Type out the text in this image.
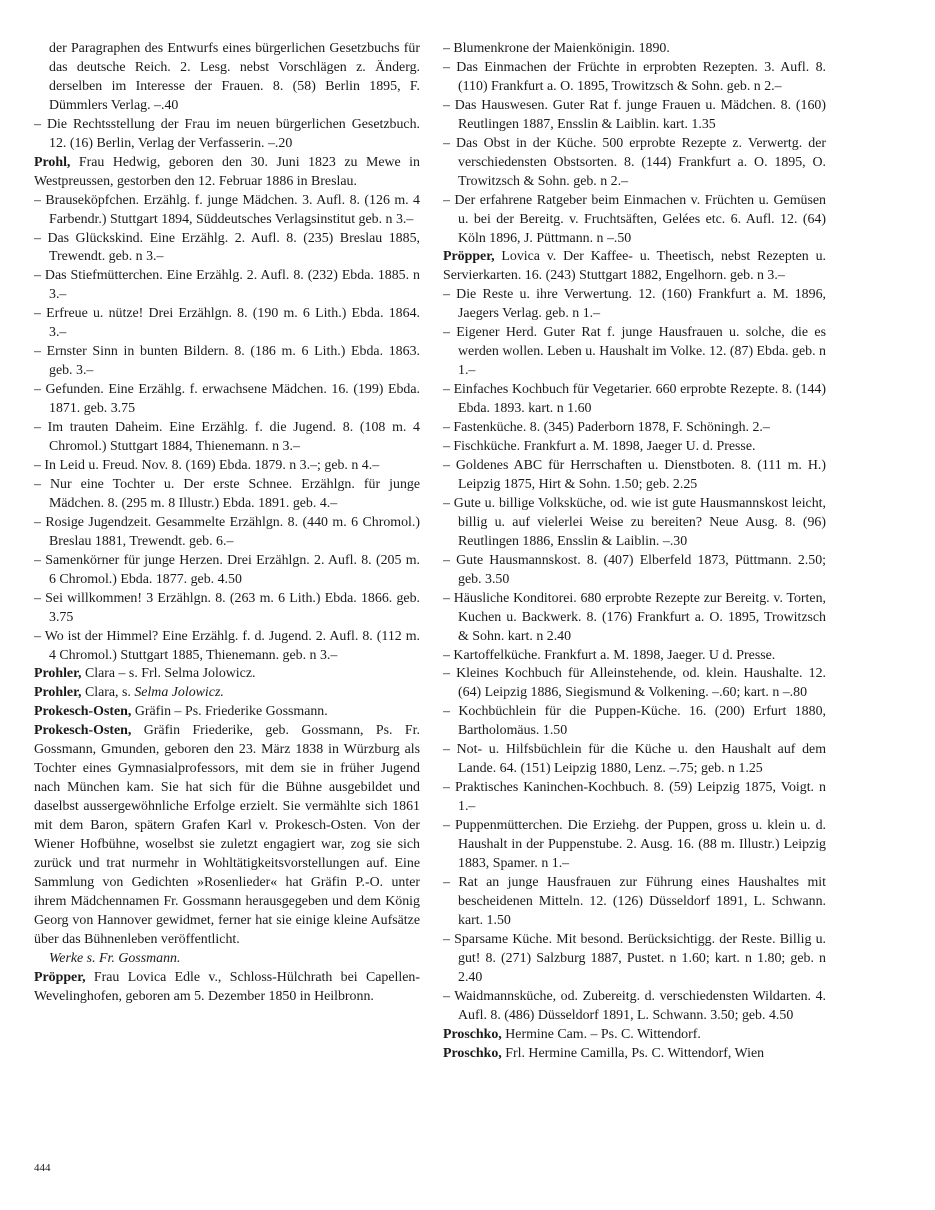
der Paragraphen des Entwurfs eines bürgerlichen Gesetzbuchs für das deutsche Reich. 2. Lesg. nebst Vorschlägen z. Änderg. derselben im Interesse der Frauen. 8. (58) Berlin 1895, F. Dümmlers Verlag. –.40

– Die Rechtsstellung der Frau im neuen bürgerlichen Gesetzbuch. 12. (16) Berlin, Verlag der Verfasserin. –.20

Prohl, Frau Hedwig, geboren den 30. Juni 1823 zu Mewe in Westpreussen, gestorben den 12. Februar 1886 in Breslau.

– Brauseköpfchen. Erzählg. f. junge Mädchen. 3. Aufl. 8. (126 m. 4 Farbendr.) Stuttgart 1894, Süddeutsches Verlagsinstitut geb. n 3.–

– Das Glückskind. Eine Erzählg. 2. Aufl. 8. (235) Breslau 1885, Trewendt. geb. n 3.–

– Das Stiefmütterchen. Eine Erzählg. 2. Aufl. 8. (232) Ebda. 1885. n 3.–

– Erfreue u. nütze! Drei Erzählgn. 8. (190 m. 6 Lith.) Ebda. 1864. 3.–

– Ernster Sinn in bunten Bildern. 8. (186 m. 6 Lith.) Ebda. 1863. geb. 3.–

– Gefunden. Eine Erzählg. f. erwachsene Mädchen. 16. (199) Ebda. 1871. geb. 3.75

– Im trauten Daheim. Eine Erzählg. f. die Jugend. 8. (108 m. 4 Chromol.) Stuttgart 1884, Thienemann. n 3.–

– In Leid u. Freud. Nov. 8. (169) Ebda. 1879. n 3.–; geb. n 4.–

– Nur eine Tochter u. Der erste Schnee. Erzählgn. für junge Mädchen. 8. (295 m. 8 Illustr.) Ebda. 1891. geb. 4.–

– Rosige Jugendzeit. Gesammelte Erzählgn. 8. (440 m. 6 Chromol.) Breslau 1881, Trewendt. geb. 6.–

– Samenkörner für junge Herzen. Drei Erzählgn. 2. Aufl. 8. (205 m. 6 Chromol.) Ebda. 1877. geb. 4.50

– Sei willkommen! 3 Erzählgn. 8. (263 m. 6 Lith.) Ebda. 1866. geb. 3.75

– Wo ist der Himmel? Eine Erzählg. f. d. Jugend. 2. Aufl. 8. (112 m. 4 Chromol.) Stuttgart 1885, Thienemann. geb. n 3.–

Prohler, Clara – s. Frl. Selma Jolowicz.

Prohler, Clara, s. Selma Jolowicz.

Prokesch-Osten, Gräfin – Ps. Friederike Gossmann.

Prokesch-Osten, Gräfin Friederike, geb. Gossmann, Ps. Fr. Gossmann, Gmunden, geboren den 23. März 1838 in Würzburg als Tochter eines Gymnasialprofessors, mit dem sie in früher Jugend nach München kam. Sie hat sich für die Bühne ausgebildet und daselbst aussergewöhnliche Erfolge erzielt. Sie vermählte sich 1861 mit dem Baron, spätern Grafen Karl v. Prokesch-Osten. Von der Wiener Hofbühne, woselbst sie zuletzt engagiert war, zog sie sich zurück und trat nurmehr in Wohltätigkeitsvorstellungen auf. Eine Sammlung von Gedichten »Rosenlieder« hat Gräfin P.-O. unter ihrem Mädchennamen Fr. Gossmann herausgegeben und dem König Georg von Hannover gewidmet, ferner hat sie einige kleine Aufsätze über das Bühnenleben veröffentlicht.

Werke s. Fr. Gossmann.

Pröpper, Frau Lovica Edle v., Schloss-Hülchrath bei Capellen-Wevelinghofen, geboren am 5. Dezember 1850 in Heilbronn.

– Blumenkrone der Maienkönigin. 1890.

– Das Einmachen der Früchte in erprobten Rezepten. 3. Aufl. 8. (110) Frankfurt a. O. 1895, Trowitzsch & Sohn. geb. n 2.–

– Das Hauswesen. Guter Rat f. junge Frauen u. Mädchen. 8. (160) Reutlingen 1887, Ensslin & Laiblin. kart. 1.35

– Das Obst in der Küche. 500 erprobte Rezepte z. Verwertg. der verschiedensten Obstsorten. 8. (144) Frankfurt a. O. 1895, O. Trowitzsch & Sohn. geb. n 2.–

– Der erfahrene Ratgeber beim Einmachen v. Früchten u. Gemüsen u. bei der Bereitg. v. Fruchtsäften, Gelées etc. 6. Aufl. 12. (64) Köln 1896, J. Püttmann. n –.50

Pröpper, Lovica v. Der Kaffee- u. Theetisch, nebst Rezepten u. Servierkarten. 16. (243) Stuttgart 1882, Engelhorn. geb. n 3.–

– Die Reste u. ihre Verwertung. 12. (160) Frankfurt a. M. 1896, Jaegers Verlag. geb. n 1.–

– Eigener Herd. Guter Rat f. junge Hausfrauen u. solche, die es werden wollen. Leben u. Haushalt im Volke. 12. (87) Ebda. geb. n 1.–

– Einfaches Kochbuch für Vegetarier. 660 erprobte Rezepte. 8. (144) Ebda. 1893. kart. n 1.60

– Fastenküche. 8. (345) Paderborn 1878, F. Schöningh. 2.–

– Fischküche. Frankfurt a. M. 1898, Jaeger U. d. Presse.

– Goldenes ABC für Herrschaften u. Dienstboten. 8. (111 m. H.) Leipzig 1875, Hirt & Sohn. 1.50; geb. 2.25

– Gute u. billige Volksküche, od. wie ist gute Hausmannskost leicht, billig u. auf vielerlei Weise zu bereiten? Neue Ausg. 8. (96) Reutlingen 1886, Ensslin & Laiblin. –.30

– Gute Hausmannskost. 8. (407) Elberfeld 1873, Püttmann. 2.50; geb. 3.50

– Häusliche Konditorei. 680 erprobte Rezepte zur Bereitg. v. Torten, Kuchen u. Backwerk. 8. (176) Frankfurt a. O. 1895, Trowitzsch & Sohn. kart. n 2.40

– Kartoffelküche. Frankfurt a. M. 1898, Jaeger. U d. Presse.

– Kleines Kochbuch für Alleinstehende, od. klein. Haushalte. 12. (64) Leipzig 1886, Siegismund & Volkening. –.60; kart. n –.80

– Kochbüchlein für die Puppen-Küche. 16. (200) Erfurt 1880, Bartholomäus. 1.50

– Not- u. Hilfsbüchlein für die Küche u. den Haushalt auf dem Lande. 64. (151) Leipzig 1880, Lenz. –.75; geb. n 1.25

– Praktisches Kaninchen-Kochbuch. 8. (59) Leipzig 1875, Voigt. n 1.–

– Puppenmütterchen. Die Erziehg. der Puppen, gross u. klein u. d. Haushalt in der Puppenstube. 2. Ausg. 16. (88 m. Illustr.) Leipzig 1883, Spamer. n 1.–

– Rat an junge Hausfrauen zur Führung eines Haushaltes mit bescheidenen Mitteln. 12. (126) Düsseldorf 1891, L. Schwann. kart. 1.50

– Sparsame Küche. Mit besond. Berücksichtigg. der Reste. Billig u. gut! 8. (271) Salzburg 1887, Pustet. n 1.60; kart. n 1.80; geb. n 2.40

– Waidmannsküche, od. Zubereitg. d. verschiedensten Wildarten. 4. Aufl. 8. (486) Düsseldorf 1891, L. Schwann. 3.50; geb. 4.50

Proschko, Hermine Cam. – Ps. C. Wittendorf.

Proschko, Frl. Hermine Camilla, Ps. C. Wittendorf, Wien

444
